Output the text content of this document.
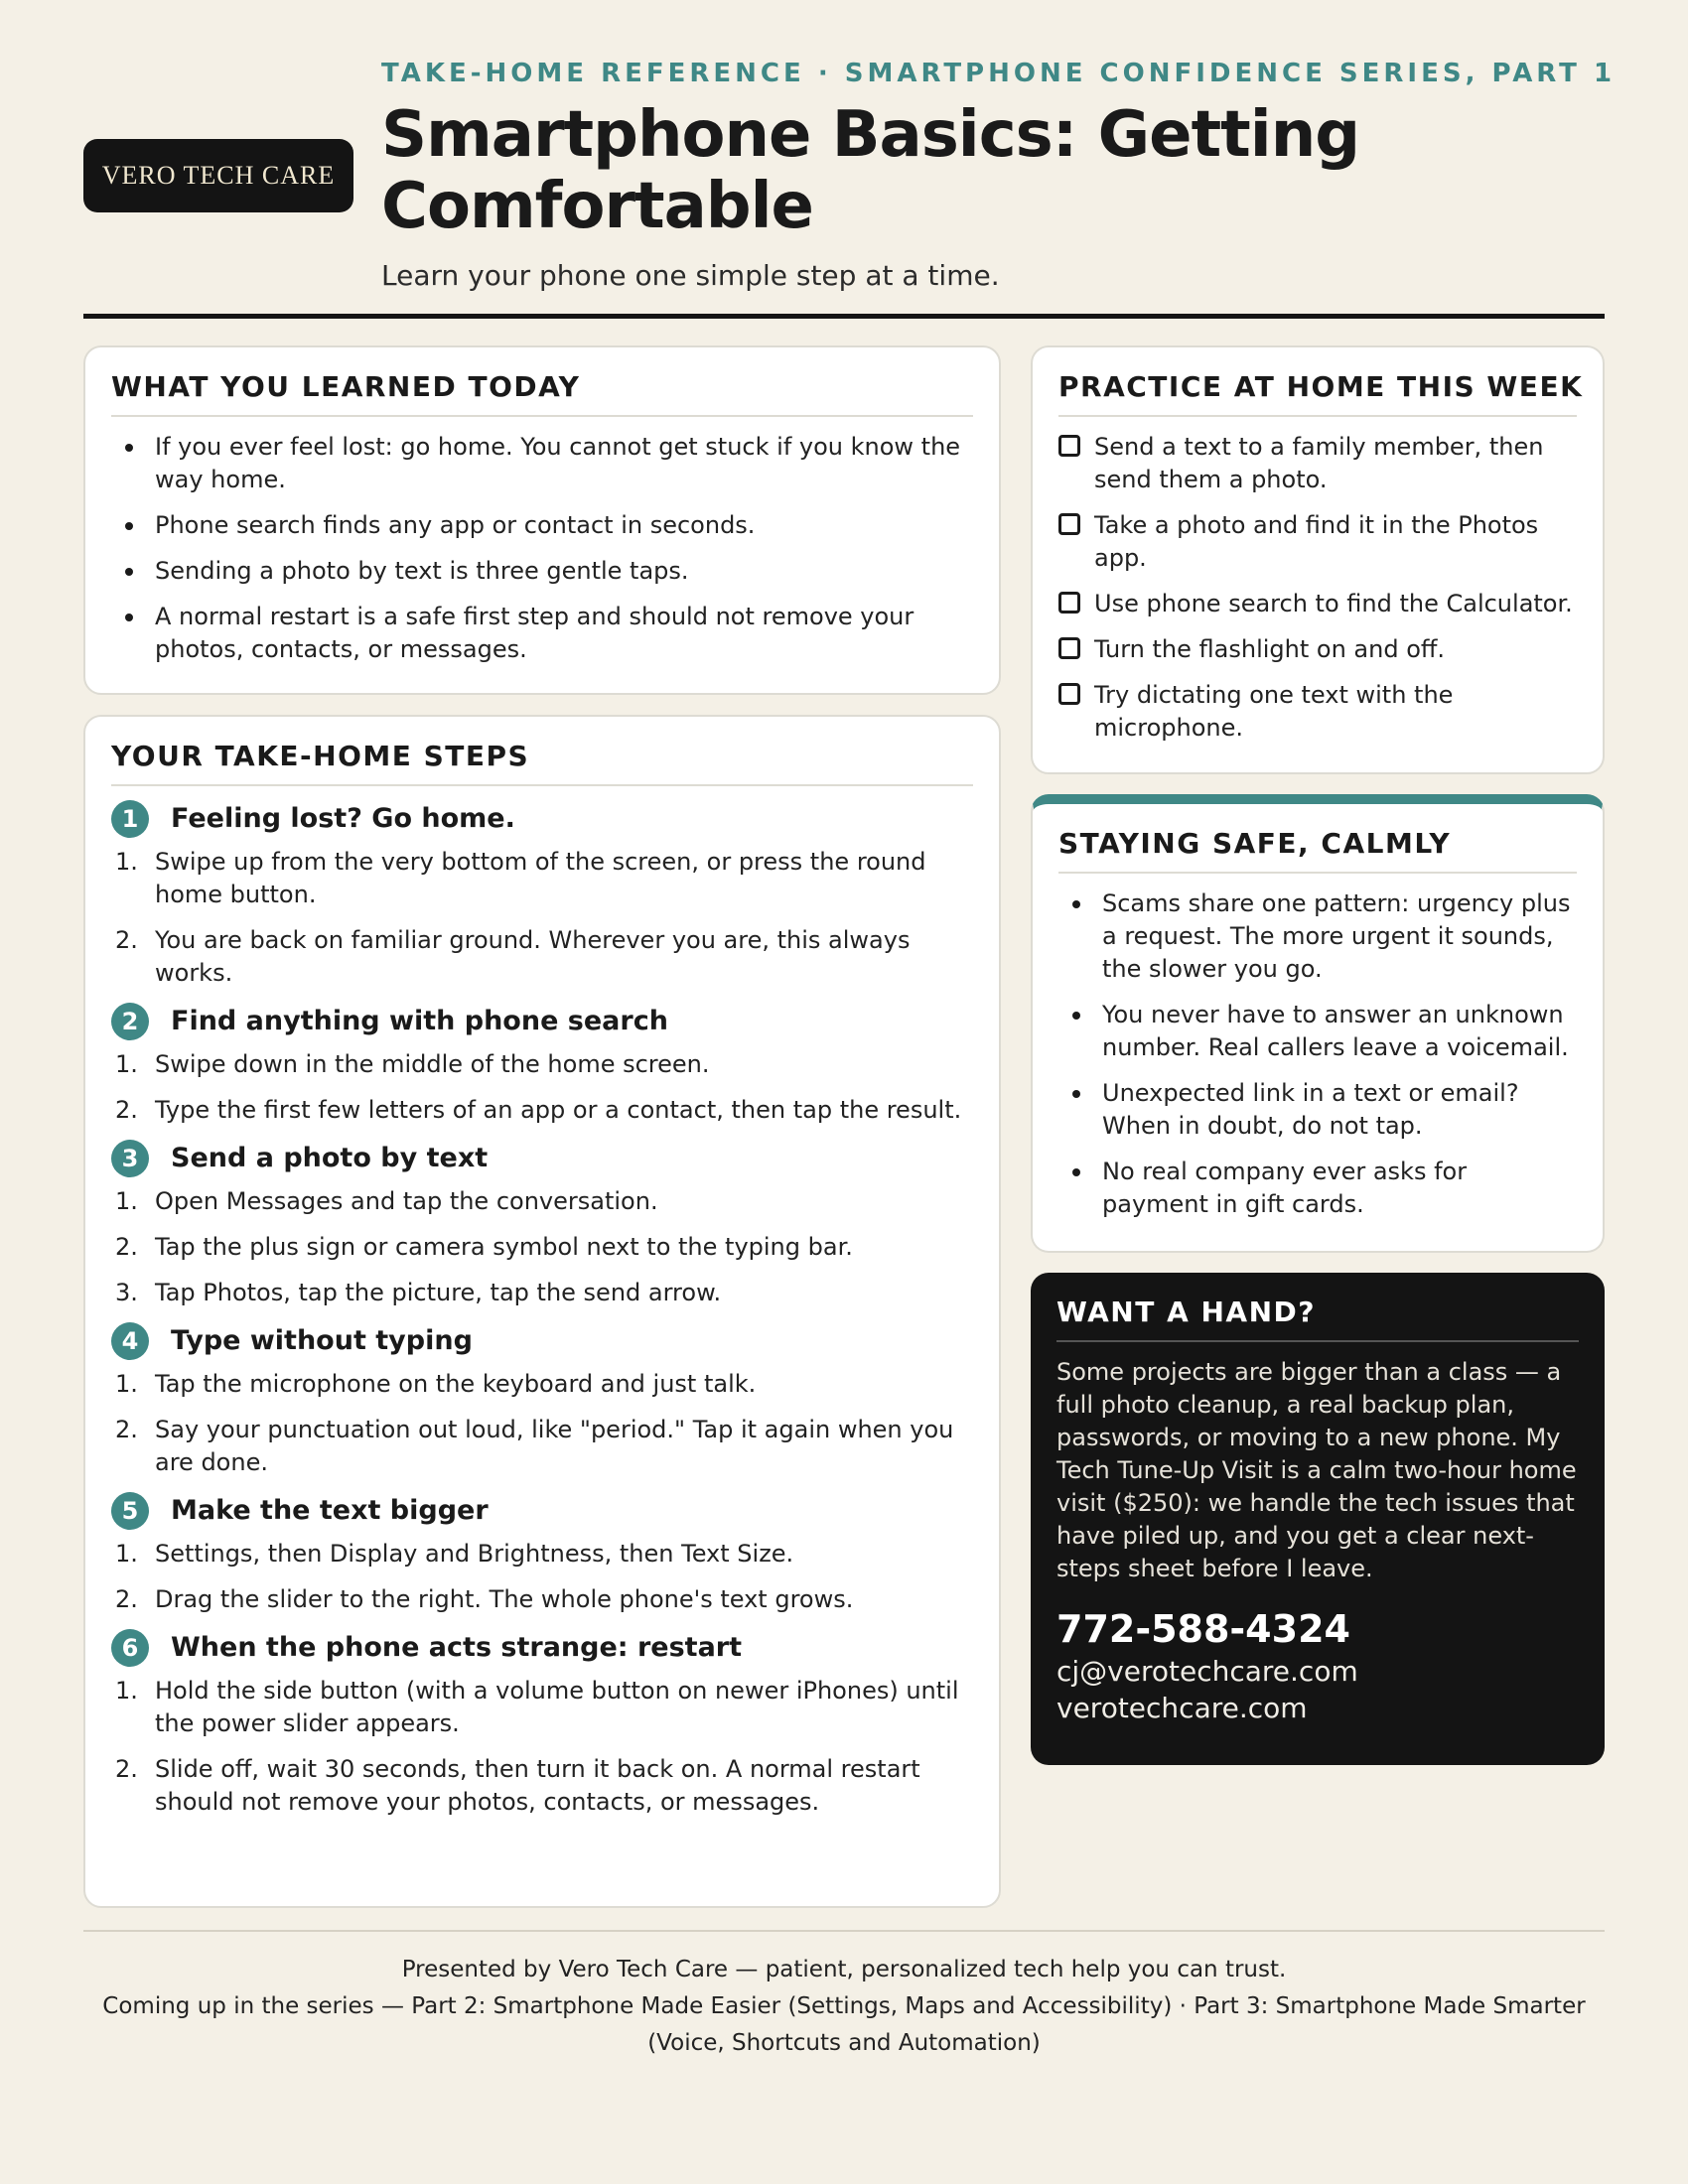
VERO TECH CARE
TAKE-HOME REFERENCE · SMARTPHONE CONFIDENCE SERIES, PART 1
Smartphone Basics: Getting Comfortable
Learn your phone one simple step at a time.
WHAT YOU LEARNED TODAY
If you ever feel lost: go home. You cannot get stuck if you know the way home.
Phone search finds any app or contact in seconds.
Sending a photo by text is three gentle taps.
A normal restart is a safe first step and should not remove your photos, contacts, or messages.
YOUR TAKE-HOME STEPS
1	Feeling lost? Go home.
1. Swipe up from the very bottom of the screen, or press the round home button.
2. You are back on familiar ground. Wherever you are, this always works.
2	Find anything with phone search
1. Swipe down in the middle of the home screen.
2. Type the first few letters of an app or a contact, then tap the result.
3	Send a photo by text
1. Open Messages and tap the conversation.
2. Tap the plus sign or camera symbol next to the typing bar.
3. Tap Photos, tap the picture, tap the send arrow.
4	Type without typing
1. Tap the microphone on the keyboard and just talk.
2. Say your punctuation out loud, like "period." Tap it again when you are done.
5	Make the text bigger
1. Settings, then Display and Brightness, then Text Size.
2. Drag the slider to the right. The whole phone's text grows.
6	When the phone acts strange: restart
1. Hold the side button (with a volume button on newer iPhones) until the power slider appears.
2. Slide off, wait 30 seconds, then turn it back on. A normal restart should not remove your photos, contacts, or messages.
PRACTICE AT HOME THIS WEEK
Send a text to a family member, then send them a photo.
Take a photo and find it in the Photos app.
Use phone search to find the Calculator.
Turn the flashlight on and off.
Try dictating one text with the microphone.
STAYING SAFE, CALMLY
Scams share one pattern: urgency plus a request. The more urgent it sounds, the slower you go.
You never have to answer an unknown number. Real callers leave a voicemail.
Unexpected link in a text or email? When in doubt, do not tap.
No real company ever asks for payment in gift cards.
WANT A HAND?

Some projects are bigger than a class — a full photo cleanup, a real backup plan, passwords, or moving to a new phone. My Tech Tune-Up Visit is a calm two-hour home visit ($250): we handle the tech issues that have piled up, and you get a clear next-steps sheet before I leave.

772-588-4324
cj@verotechcare.com
verotechcare.com
Presented by Vero Tech Care — patient, personalized tech help you can trust.
Coming up in the series — Part 2: Smartphone Made Easier (Settings, Maps and Accessibility) · Part 3: Smartphone Made Smarter (Voice, Shortcuts and Automation)
